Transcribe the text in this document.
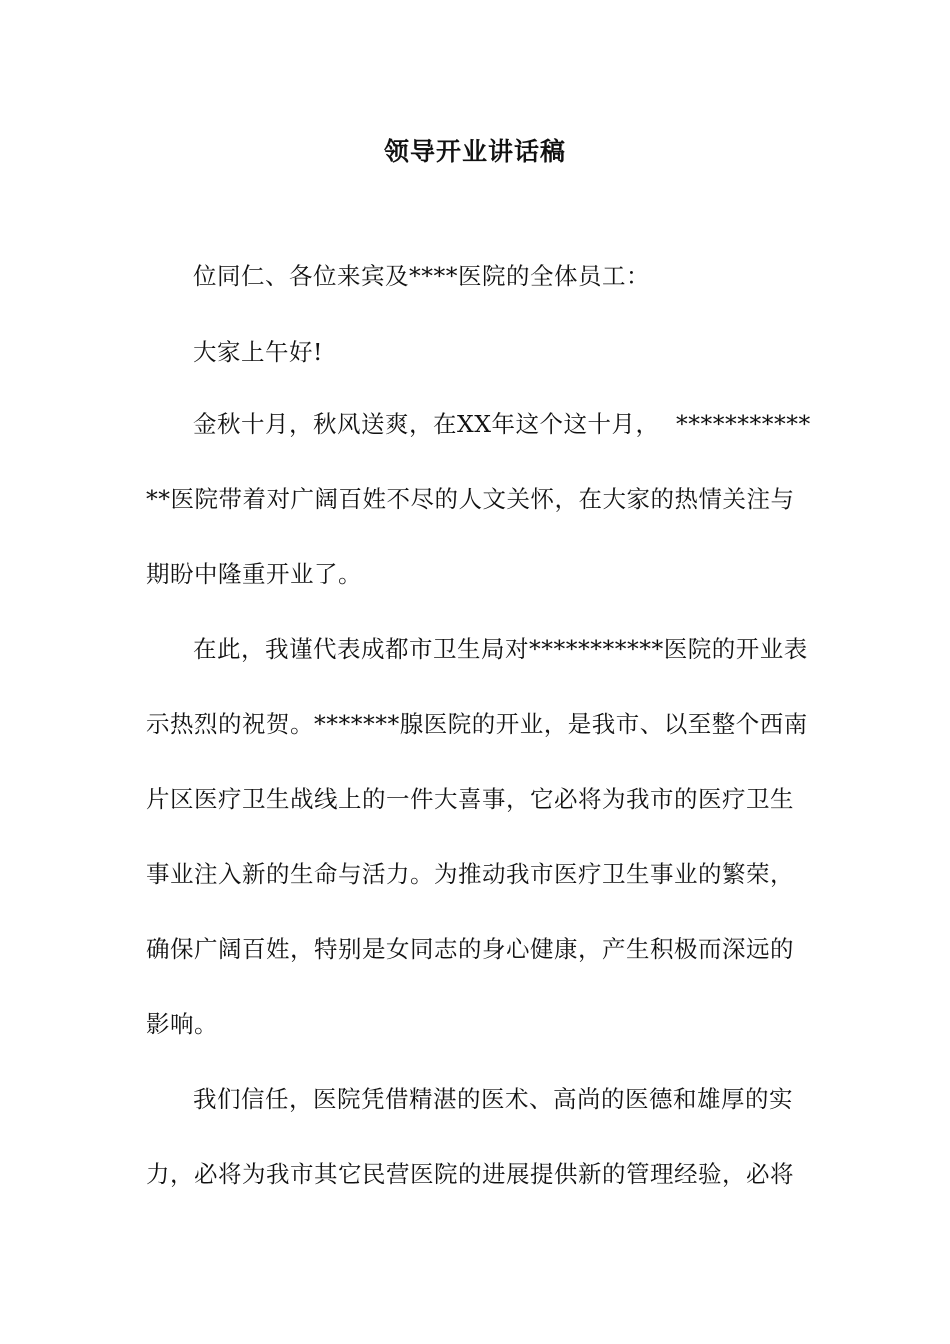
领导开业讲话稿
位同仁、各位来宾及****医院的全体员工：
大家上午好!
金秋十月，秋风送爽，在XX年这个这十月， ***********
**医院带着对广阔百姓不尽的人文关怀，在大家的热情关注与
期盼中隆重开业了。
在此，我谨代表成都市卫生局对***********医院的开业表
示热烈的祝贺。*******腺医院的开业，是我市、以至整个西南
片区医疗卫生战线上的一件大喜事，它必将为我市的医疗卫生
事业注入新的生命与活力。为推动我市医疗卫生事业的繁荣，
确保广阔百姓，特别是女同志的身心健康，产生积极而深远的
影响。
我们信任，医院凭借精湛的医术、高尚的医德和雄厚的实
力，必将为我市其它民营医院的进展提供新的管理经验，必将
